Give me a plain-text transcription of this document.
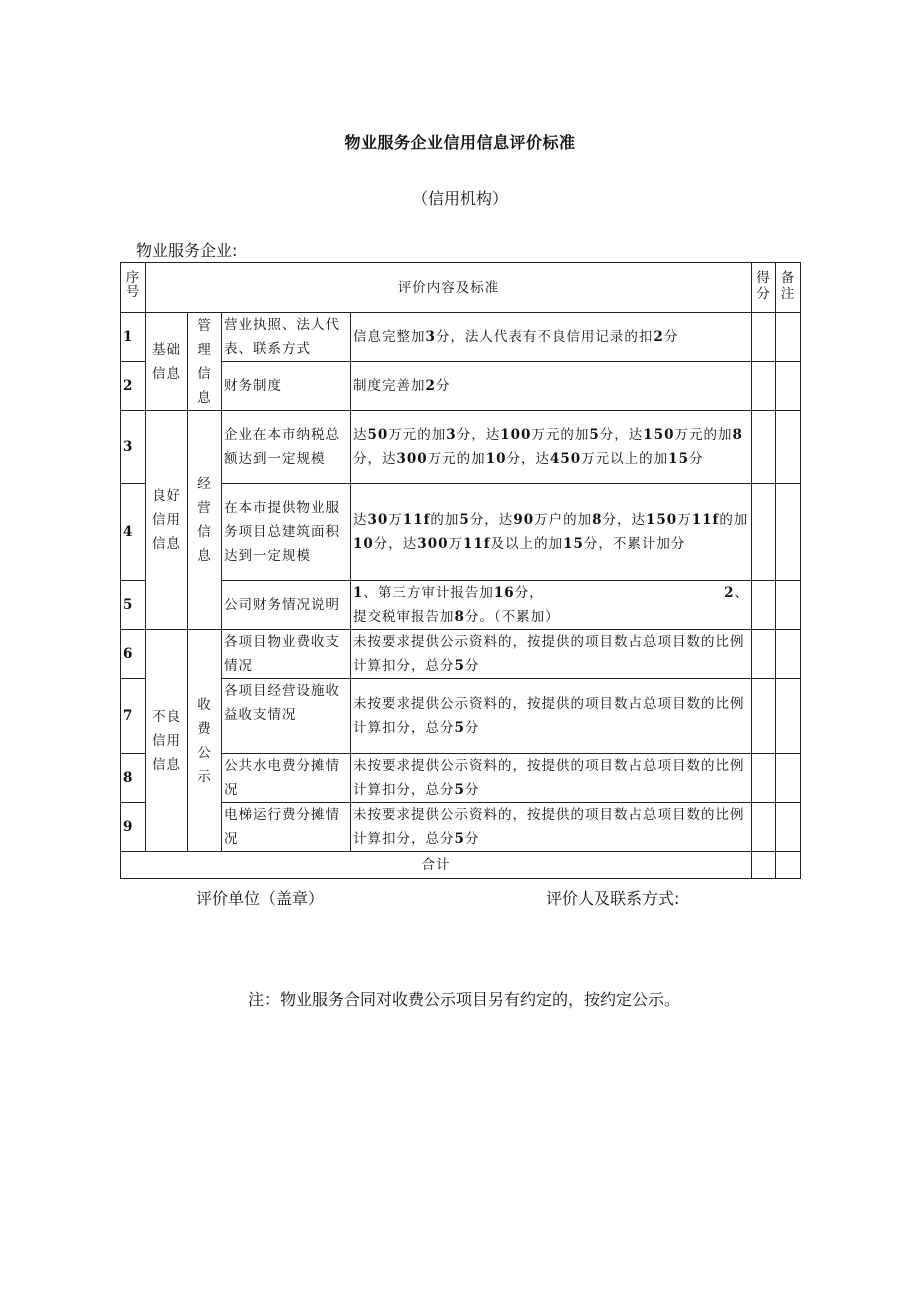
物业服务企业信用信息评价标准
（信用机构）
物业服务企业:
序号	评价内容及标准				得分	备注
1	基础信息	管理信息	营业执照、法人代表、联系方式	信息完整加3分，法人代表有不良信用记录的扣2分		
2			财务制度	制度完善加2分		
3	良好信用信息	经营信息	企业在本市纳税总额达到一定规模	达50万元的加3分，达100万元的加5分，达150万元的加8分，达300万元的加10分，达450万元以上的加15分		
4			在本市提供物业服务项目总建筑面积达到一定规模	达30万11f的加5分，达90万户的加8分，达150万11f的加10分，达300万11f及以上的加15分，不累计加分		
5			公司财务情况说明	1、第三方审计报告加16分， 2、
提交税审报告加8分。（不累加）		

6	不良信用信息	收费公示	各项目物业费收支情况	未按要求提供公示资料的，按提供的项目数占总项目数的比例计算扣分，总分5分		
7			各项目经营设施收益收支情况	未按要求提供公示资料的，按提供的项目数占总项目数的比例计算扣分，总分5分		
8			公共水电费分摊情况	未按要求提供公示资料的，按提供的项目数占总项目数的比例计算扣分，总分5分		
9			电梯运行费分摊情况	未按要求提供公示资料的，按提供的项目数占总项目数的比例计算扣分，总分5分		
合计						
评价单位（盖章）	评价人及联系方式:
注：物业服务合同对收费公示项目另有约定的，按约定公示。
